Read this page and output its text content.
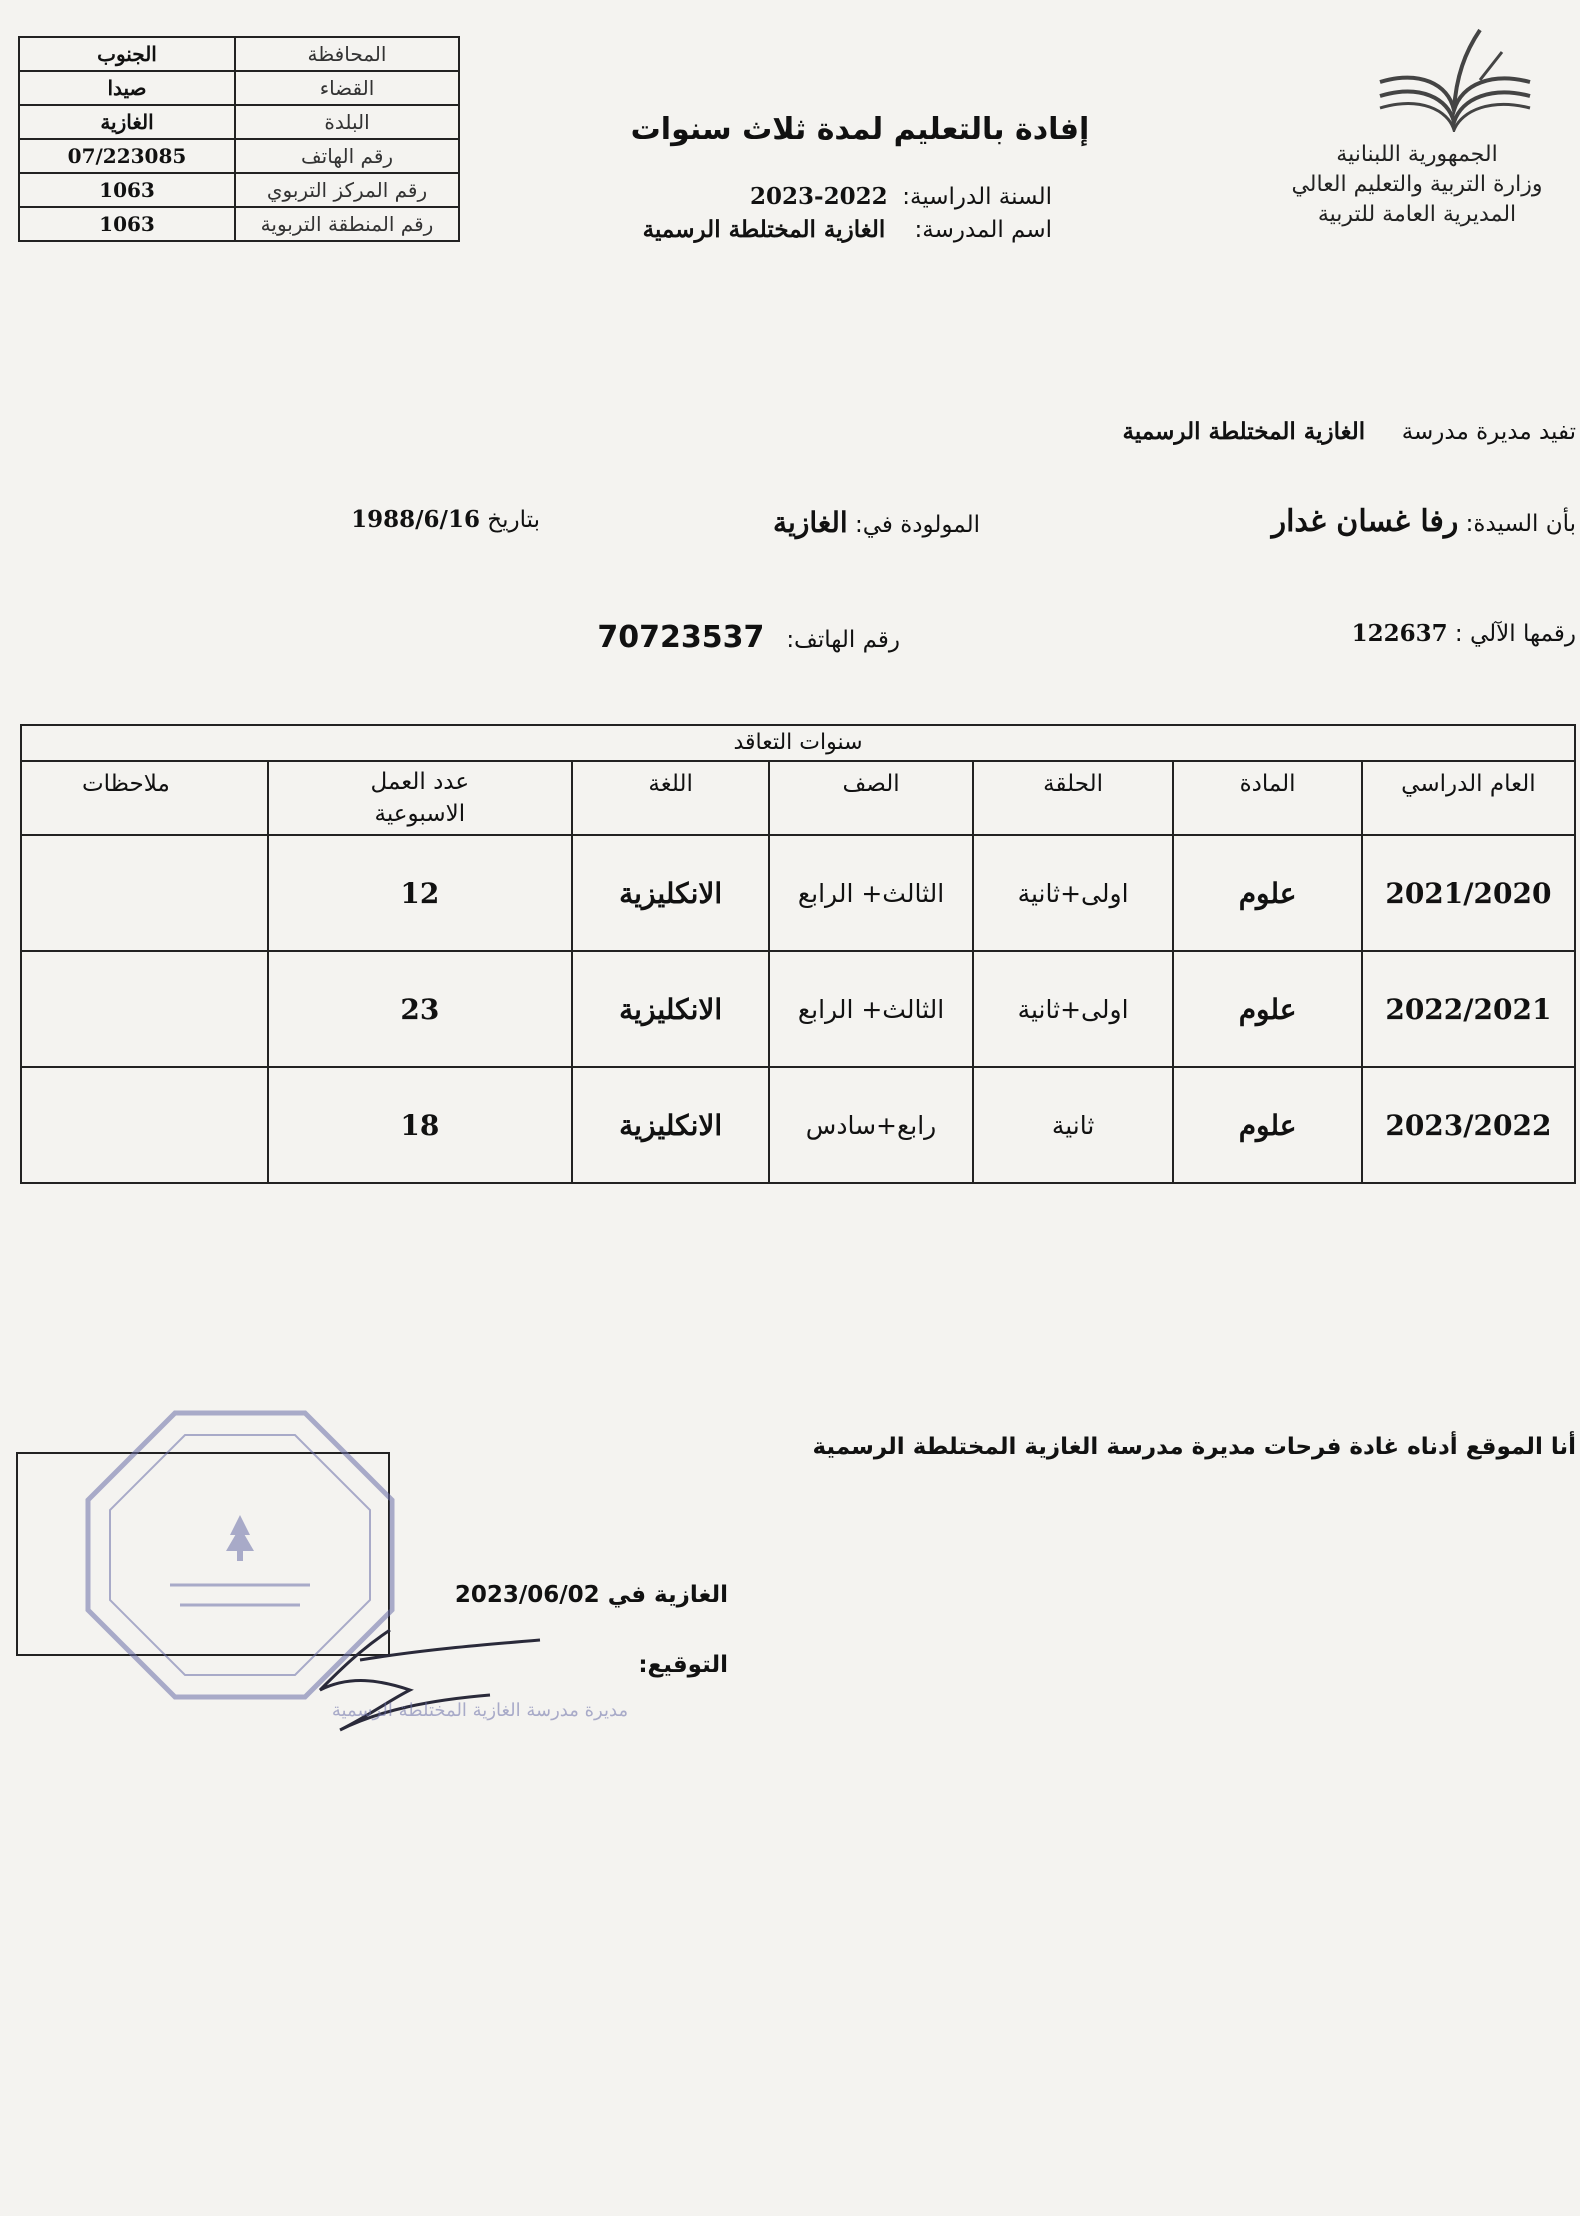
المحافظة	الجنوب
القضاء	صيدا
البلدة	الغازية
رقم الهاتف	07/223085
رقم المركز التربوي	1063
رقم المنطقة التربوية	1063
الجمهورية اللبنانية
وزارة التربية والتعليم العالي
المديرية العامة للتربية
إفادة بالتعليم لمدة ثلاث سنوات
السنة الدراسية:  2022-2023
اسم المدرسة:    الغازية المختلطة الرسمية
تفيد مديرة مدرسة     الغازية المختلطة الرسمية
بأن السيدة: رفا غسان غدار
المولودة في: الغازية
بتاريخ 1988/6/16
رقمها الآلي : 122637
رقم الهاتف:   70723537
سنوات التعاقد						
العام الدراسي	المادة	الحلقة	الصف	اللغة	عدد العمل الاسبوعية	ملاحظات
2021/2020	علوم	اولى+ثانية	الثالث+ الرابع	الانكليزية	12	
2022/2021	علوم	اولى+ثانية	الثالث+ الرابع	الانكليزية	23	
2023/2022	علوم	ثانية	رابع+سادس	الانكليزية	18	
أنا الموقع أدناه غادة فرحات مديرة مدرسة الغازية المختلطة الرسمية
الغازية في 2023/06/02
التوقيع:
مديرة مدرسة الغازية المختلطة الرسمية
